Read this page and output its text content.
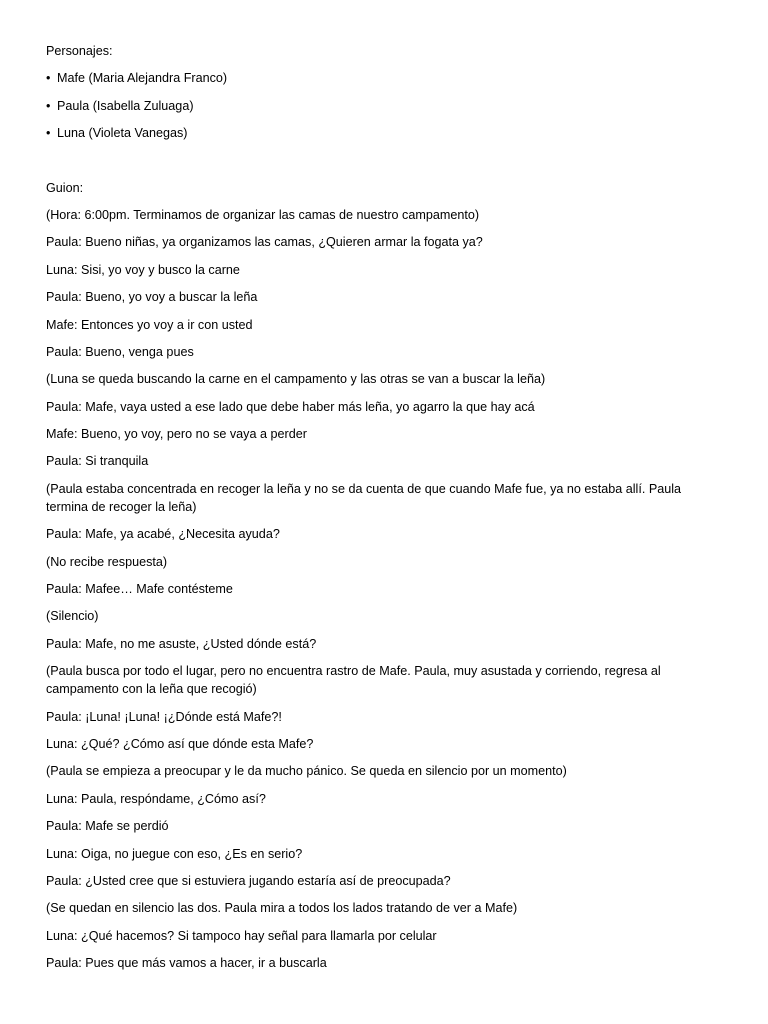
Personajes:
• Mafe (Maria Alejandra Franco)
• Paula (Isabella Zuluaga)
• Luna (Violeta Vanegas)
Guion:
(Hora: 6:00pm. Terminamos de organizar las camas de nuestro campamento)
Paula: Bueno niñas, ya organizamos las camas, ¿Quieren armar la fogata ya?
Luna: Sisi, yo voy y busco la carne
Paula: Bueno, yo voy a buscar la leña
Mafe: Entonces yo voy a ir con usted
Paula: Bueno, venga pues
(Luna se queda buscando la carne en el campamento y las otras se van a buscar la leña)
Paula: Mafe, vaya usted a ese lado que debe haber más leña, yo agarro la que hay acá
Mafe: Bueno, yo voy, pero no se vaya a perder
Paula: Si tranquila
(Paula estaba concentrada en recoger la leña y no se da cuenta de que cuando Mafe fue, ya no estaba allí. Paula termina de recoger la leña)
Paula: Mafe, ya acabé, ¿Necesita ayuda?
(No recibe respuesta)
Paula: Mafee… Mafe contésteme
(Silencio)
Paula: Mafe, no me asuste, ¿Usted dónde está?
(Paula busca por todo el lugar, pero no encuentra rastro de Mafe. Paula, muy asustada y corriendo, regresa al campamento con la leña que recogió)
Paula: ¡Luna! ¡Luna! ¡¿Dónde está Mafe?!
Luna: ¿Qué? ¿Cómo así que dónde esta Mafe?
(Paula se empieza a preocupar y le da mucho pánico. Se queda en silencio por un momento)
Luna: Paula, respóndame, ¿Cómo así?
Paula: Mafe se perdió
Luna: Oiga, no juegue con eso, ¿Es en serio?
Paula: ¿Usted cree que si estuviera jugando estaría así de preocupada?
(Se quedan en silencio las dos. Paula mira a todos los lados tratando de ver a Mafe)
Luna: ¿Qué hacemos? Si tampoco hay señal para llamarla por celular
Paula: Pues que más vamos a hacer, ir a buscarla
